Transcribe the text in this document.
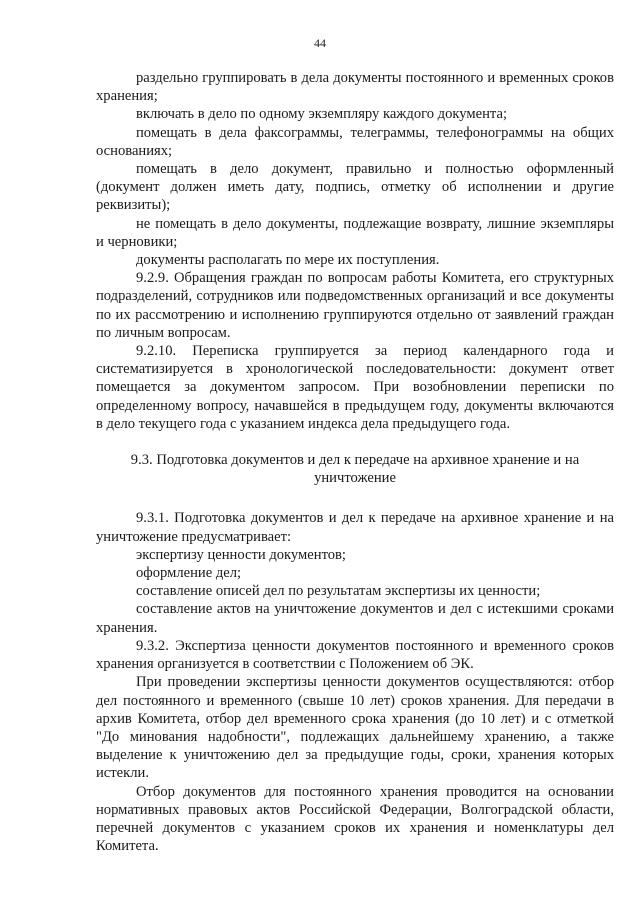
44

раздельно группировать в дела документы постоянного и временных сроков хранения;

включать в дело по одному экземпляру каждого документа;

помещать в дела факсограммы, телеграммы, телефонограммы на общих основаниях;

помещать в дело документ, правильно и полностью оформленный (документ должен иметь дату, подпись, отметку об исполнении и другие реквизиты);

не помещать в дело документы, подлежащие возврату, лишние экземпляры и черновики;

документы располагать по мере их поступления.

9.2.9. Обращения граждан по вопросам работы Комитета, его структурных подразделений, сотрудников или подведомственных организаций и все документы по их рассмотрению и исполнению группируются отдельно от заявлений граждан по личным вопросам.

9.2.10. Переписка группируется за период календарного года и систематизируется в хронологической последовательности: документ ответ помещается за документом запросом. При возобновлении переписки по определенному вопросу, начавшейся в предыдущем году, документы включаются в дело текущего года с указанием индекса дела предыдущего года.

9.3. Подготовка документов и дел к передаче на архивное хранение и на
уничтожение

9.3.1. Подготовка документов и дел к передаче на архивное хранение и на уничтожение предусматривает:

экспертизу ценности документов;

оформление дел;

составление описей дел по результатам экспертизы их ценности;

составление актов на уничтожение документов и дел с истекшими сроками хранения.

9.3.2. Экспертиза ценности документов постоянного и временного сроков хранения организуется в соответствии с Положением об ЭК.

При проведении экспертизы ценности документов осуществляются: отбор дел постоянного и временного (свыше 10 лет) сроков хранения. Для передачи в архив Комитета, отбор дел временного срока хранения (до 10 лет) и с отметкой "До минования надобности", подлежащих дальнейшему хранению, а также выделение к уничтожению дел за предыдущие годы, сроки, хранения которых истекли.

Отбор документов для постоянного хранения проводится на основании нормативных правовых актов Российской Федерации, Волгоградской области, перечней документов с указанием сроков их хранения и номенклатуры дел Комитета.
